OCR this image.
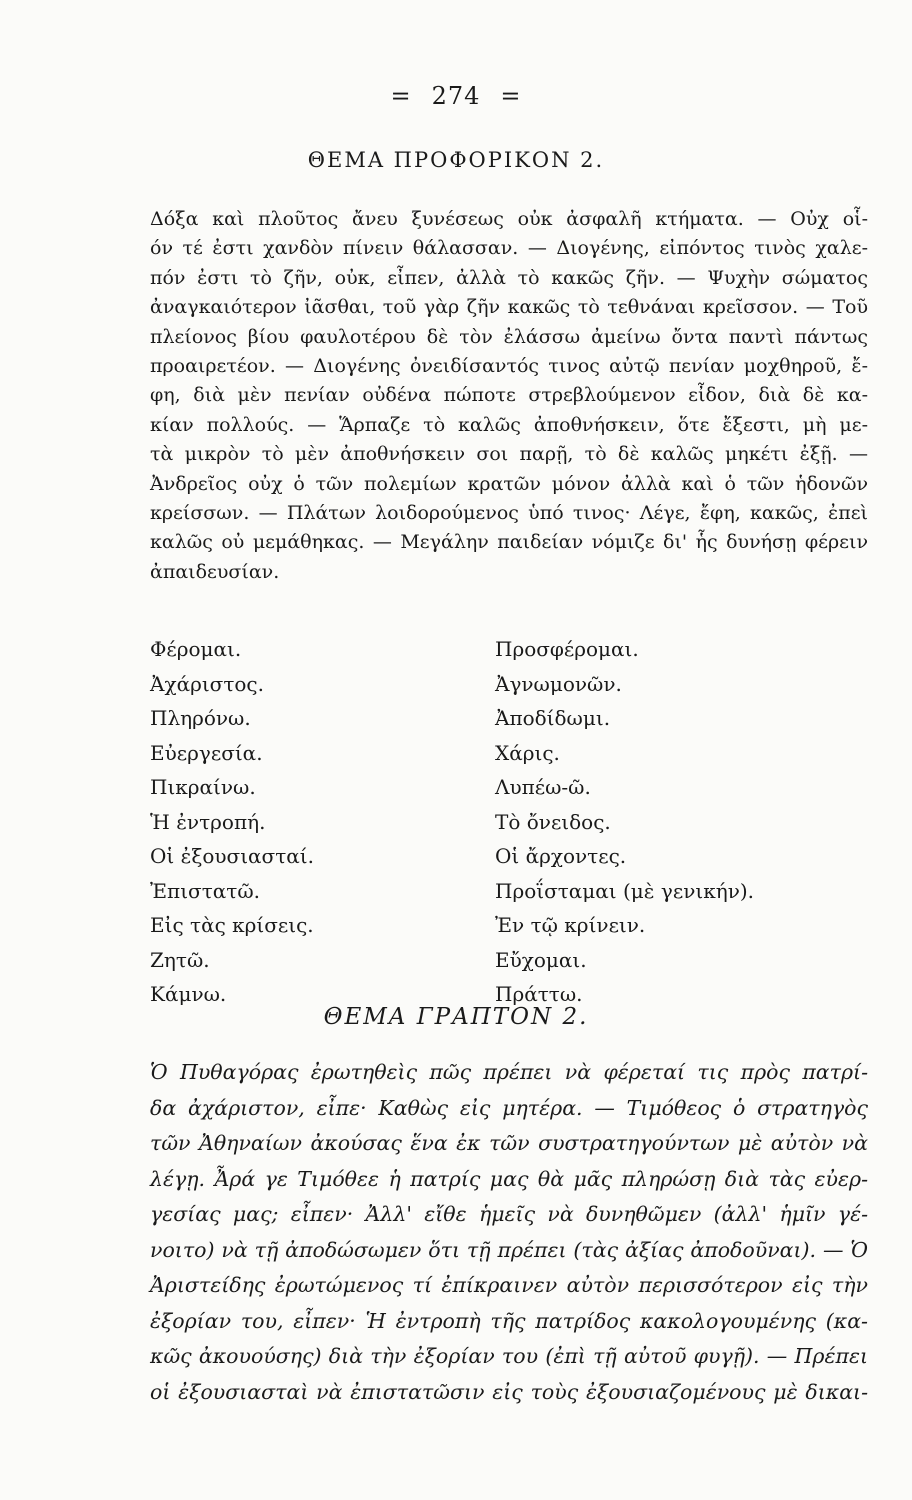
= 274 =
ΘΕΜΑ ΠΡΟΦΟΡΙΚΟΝ 2.
Δόξα καὶ πλοῦτος ἄνευ ξυνέσεως οὐκ ἀσφαλῆ κτήματα. — Οὐχ οἷ-
όν τέ ἐστι χανδὸν πίνειν θάλασσαν. — Διογένης, εἰπόντος τινὸς χαλε-
πόν ἐστι τὸ ζῆν, οὐκ, εἶπεν, ἀλλὰ τὸ κακῶς ζῆν. — Ψυχὴν σώματος
ἀναγκαιότερον ἰᾶσθαι, τοῦ γὰρ ζῆν κακῶς τὸ τεθνάναι κρεῖσσον. — Τοῦ
πλείονος βίου φαυλοτέρου δὲ τὸν ἐλάσσω ἀμείνω ὄντα παντὶ πάντως
προαιρετέον. — Διογένης ὀνειδίσαντός τινος αὐτῷ πενίαν μοχθηροῦ, ἔ-
φη, διὰ μὲν πενίαν οὐδένα πώποτε στρεβλούμενον εἶδον, διὰ δὲ κα-
κίαν πολλούς. — Ἅρπαζε τὸ καλῶς ἀποθνήσκειν, ὅτε ἔξεστι, μὴ με-
τὰ μικρὸν τὸ μὲν ἀποθνήσκειν σοι παρῇ, τὸ δὲ καλῶς μηκέτι ἐξῇ. —
Ἀνδρεῖος οὐχ ὁ τῶν πολεμίων κρατῶν μόνον ἀλλὰ καὶ ὁ τῶν ἡδονῶν
κρείσσων. — Πλάτων λοιδορούμενος ὑπό τινος· Λέγε, ἔφη, κακῶς, ἐπεὶ
καλῶς οὐ μεμάθηκας. — Μεγάλην παιδείαν νόμιζε δι' ἧς δυνήσῃ φέρειν
ἀπαιδευσίαν.
Φέρομαι.
Ἀχάριστος.
Πληρόνω.
Εὐεργεσία.
Πικραίνω.
Ἡ ἐντροπή.
Οἱ ἐξουσιασταί.
Ἐπιστατῶ.
Εἰς τὰς κρίσεις.
Ζητῶ.
Κάμνω.
Προσφέρομαι.
Ἀγνωμονῶν.
Ἀποδίδωμι.
Χάρις.
Λυπέω-ῶ.
Τὸ ὄνειδος.
Οἱ ἄρχοντες.
Προΐσταμαι (μὲ γενικήν).
Ἐν τῷ κρίνειν.
Εὔχομαι.
Πράττω.
ΘΕΜΑ ΓΡΑΠΤΟΝ 2.
Ὁ Πυθαγόρας ἐρωτηθεὶς πῶς πρέπει νὰ φέρεταί τις πρὸς πατρί-
δα ἀχάριστον, εἶπε· Καθὼς εἰς μητέρα. — Τιμόθεος ὁ στρατηγὸς
τῶν Ἀθηναίων ἀκούσας ἕνα ἐκ τῶν συστρατηγούντων μὲ αὐτὸν νὰ
λέγῃ. Ἆρά γε Τιμόθεε ἡ πατρίς μας θὰ μᾶς πληρώσῃ διὰ τὰς εὐερ-
γεσίας μας; εἶπεν· Ἀλλ' εἴθε ἡμεῖς νὰ δυνηθῶμεν (ἀλλ' ἡμῖν γέ-
νοιτο) νὰ τῇ ἀποδώσωμεν ὅτι τῇ πρέπει (τὰς ἀξίας ἀποδοῦναι). — Ὁ
Ἀριστείδης ἐρωτώμενος τί ἐπίκραινεν αὐτὸν περισσότερον εἰς τὴν
ἐξορίαν του, εἶπεν· Ἡ ἐντροπὴ τῆς πατρίδος κακολογουμένης (κα-
κῶς ἀκουούσης) διὰ τὴν ἐξορίαν του (ἐπὶ τῇ αὐτοῦ φυγῇ). — Πρέπει
οἱ ἐξουσιασταὶ νὰ ἐπιστατῶσιν εἰς τοὺς ἐξουσιαζομένους μὲ δικαι-
